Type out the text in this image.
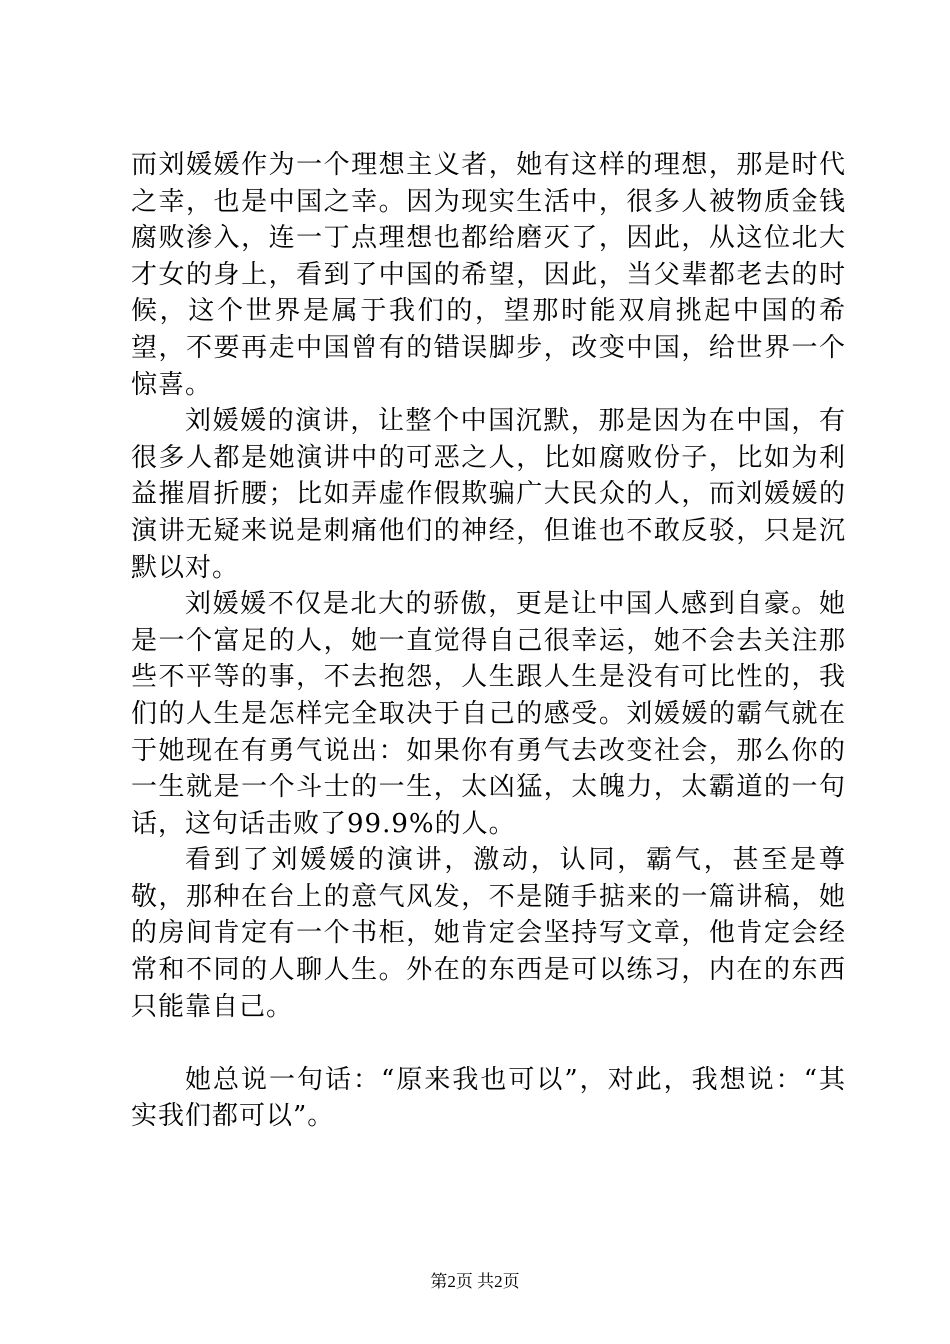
而刘媛媛作为一个理想主义者，她有这样的理想，那是时代之幸，也是中国之幸。因为现实生活中，很多人被物质金钱腐败渗入，连一丁点理想也都给磨灭了，因此，从这位北大才女的身上，看到了中国的希望，因此，当父辈都老去的时候，这个世界是属于我们的，望那时能双肩挑起中国的希望，不要再走中国曾有的错误脚步，改变中国，给世界一个惊喜。

刘媛媛的演讲，让整个中国沉默，那是因为在中国，有很多人都是她演讲中的可恶之人，比如腐败份子，比如为利益摧眉折腰；比如弄虚作假欺骗广大民众的人，而刘媛媛的演讲无疑来说是刺痛他们的神经，但谁也不敢反驳，只是沉默以对。

刘媛媛不仅是北大的骄傲，更是让中国人感到自豪。她是一个富足的人，她一直觉得自己很幸运，她不会去关注那些不平等的事，不去抱怨，人生跟人生是没有可比性的，我们的人生是怎样完全取决于自己的感受。刘媛媛的霸气就在于她现在有勇气说出：如果你有勇气去改变社会，那么你的一生就是一个斗士的一生，太凶猛，太魄力，太霸道的一句话，这句话击败了99.9%的人。

看到了刘媛媛的演讲，激动，认同，霸气，甚至是尊敬，那种在台上的意气风发，不是随手掂来的一篇讲稿，她的房间肯定有一个书柜，她肯定会坚持写文章，他肯定会经常和不同的人聊人生。外在的东西是可以练习，内在的东西只能靠自己。

她总说一句话：“原来我也可以”，对此，我想说：“其实我们都可以”。

第2页 共2页
